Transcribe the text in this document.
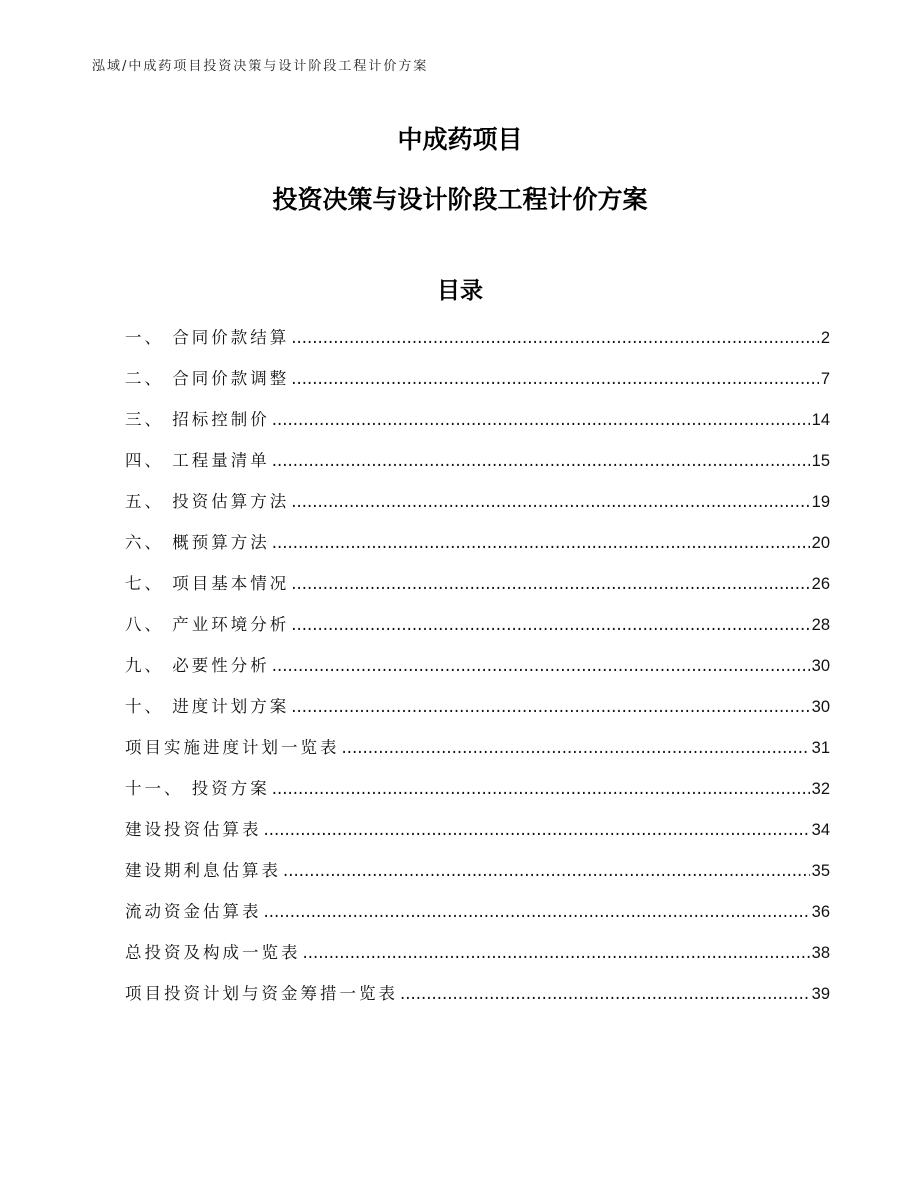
泓域/中成药项目投资决策与设计阶段工程计价方案
中成药项目
投资决策与设计阶段工程计价方案
目录
一、 合同价款结算 .....	2
二、 合同价款调整 .....	7
三、 招标控制价 .....	14
四、 工程量清单 .....	15
五、 投资估算方法 .....	19
六、 概预算方法 .....	20
七、 项目基本情况 .....	26
八、 产业环境分析 .....	28
九、 必要性分析 .....	30
十、 进度计划方案 .....	30
项目实施进度计划一览表 .....	31
十一、 投资方案 .....	32
建设投资估算表 .....	34
建设期利息估算表 .....	35
流动资金估算表 .....	36
总投资及构成一览表 .....	38
项目投资计划与资金筹措一览表 .....	39
